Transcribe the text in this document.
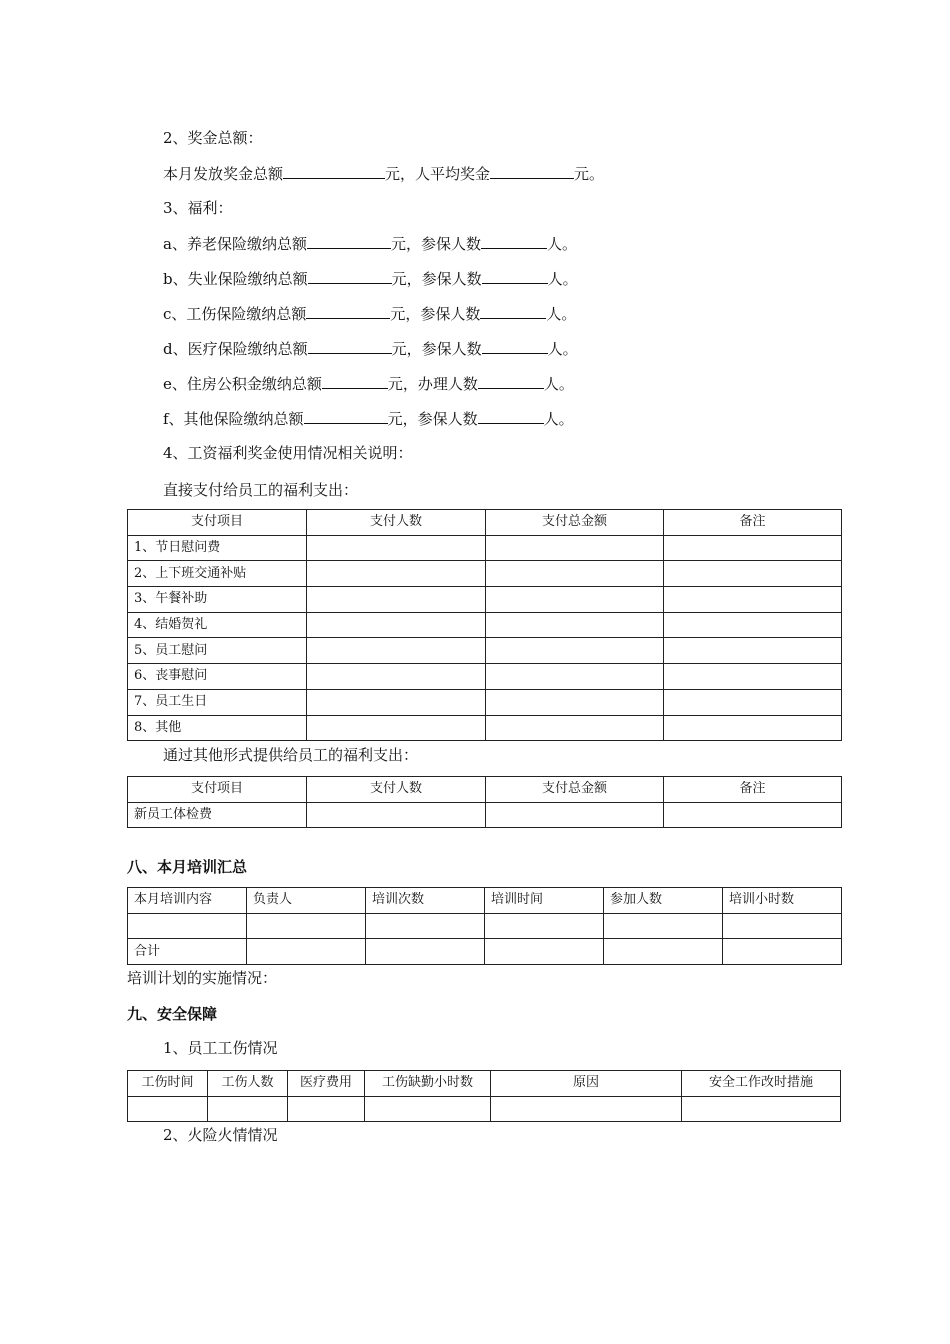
2、奖金总额：
本月发放奖金总额	元，人平均奖金	元。
3、福利：
a、养老保险缴纳总额	元，参保人数	人。
b、失业保险缴纳总额	元，参保人数	人。
c、工伤保险缴纳总额	元，参保人数	人。
d、医疗保险缴纳总额	元，参保人数	人。
e、住房公积金缴纳总额	元，办理人数	人。
f、其他保险缴纳总额	元，参保人数	人。
4、工资福利奖金使用情况相关说明：
直接支付给员工的福利支出：
支付项目	支付人数	支付总金额	备注
1、节日慰问费			
2、上下班交通补贴			
3、午餐补助			
4、结婚贺礼			
5、员工慰问			
6、丧事慰问			
7、员工生日			
8、其他			
通过其他形式提供给员工的福利支出：
支付项目	支付人数	支付总金额	备注
新员工体检费			
八、本月培训汇总
本月培训内容	负责人	培训次数	培训时间	参加人数	培训小时数

合计					
培训计划的实施情况：
九、安全保障
1、员工工伤情况
工伤时间	工伤人数	医疗费用	工伤缺勤小时数	原因	安全工作改时措施

2、火险火情情况
